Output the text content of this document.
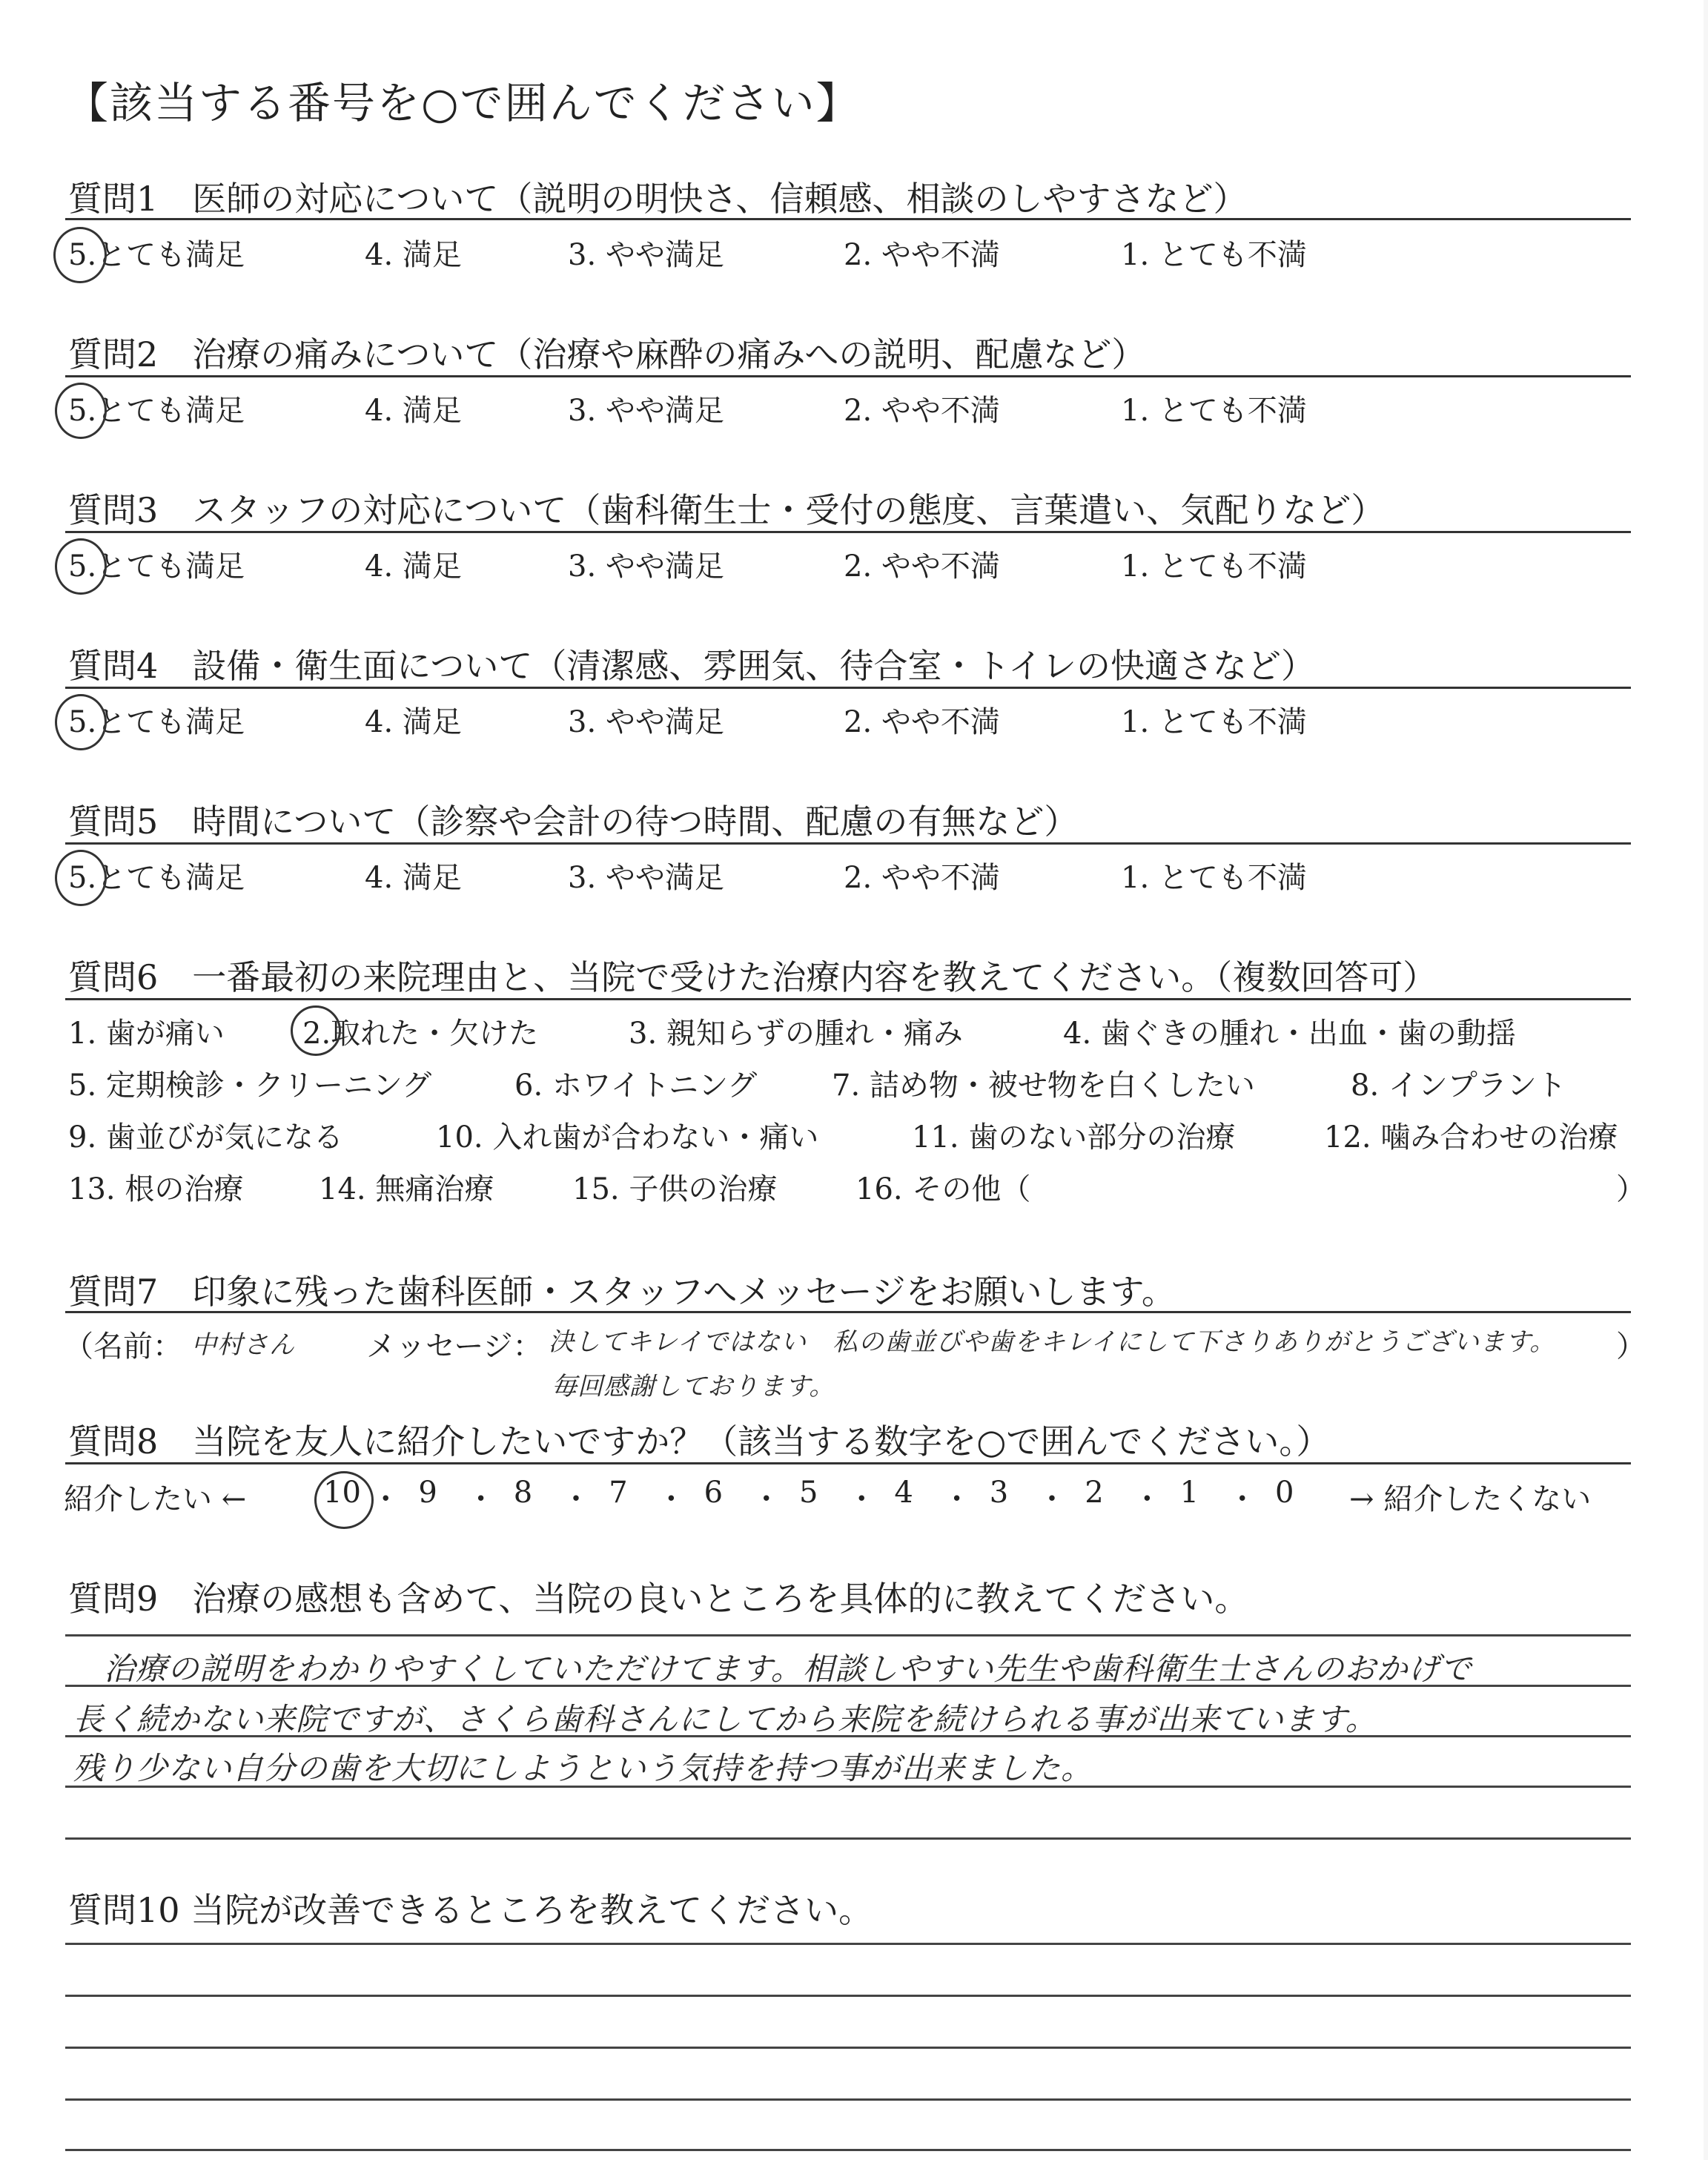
【該当する番号を○で囲んでください】
質問1　医師の対応について（説明の明快さ、信頼感、相談のしやすさなど）
5.とても満足	4. 満足	3. やや満足	2. やや不満	1. とても不満
質問2　治療の痛みについて（治療や麻酔の痛みへの説明、配慮など）
5.とても満足	4. 満足	3. やや満足	2. やや不満	1. とても不満
質問3　スタッフの対応について（歯科衛生士・受付の態度、言葉遣い、気配りなど）
5.とても満足	4. 満足	3. やや満足	2. やや不満	1. とても不満
質問4　設備・衛生面について（清潔感、雰囲気、待合室・トイレの快適さなど）
5.とても満足	4. 満足	3. やや満足	2. やや不満	1. とても不満
質問5　時間について（診察や会計の待つ時間、配慮の有無など）
5.とても満足	4. 満足	3. やや満足	2. やや不満	1. とても不満
質問6　一番最初の来院理由と、当院で受けた治療内容を教えてください。（複数回答可）
1. 歯が痛い	2.取れた・欠けた	3. 親知らずの腫れ・痛み	4. 歯ぐきの腫れ・出血・歯の動揺
5. 定期検診・クリーニング	6. ホワイトニング	7. 詰め物・被せ物を白くしたい	8. インプラント
9. 歯並びが気になる	10. 入れ歯が合わない・痛い	11. 歯のない部分の治療	12. 噛み合わせの治療
13. 根の治療	14. 無痛治療	15. 子供の治療	16. その他（	）
質問7　印象に残った歯科医師・スタッフへメッセージをお願いします。
（名前： 中村さん メッセージ： 決してキレイではない　私の歯並びや歯をキレイにして下さりありがとうございます。 ）
毎回感謝しております。
質問8　当院を友人に紹介したいですか？（該当する数字を○で囲んでください。）
紹介したい ←	10 ・ 9 ・ 8 ・ 7 ・ 6 ・ 5 ・ 4 ・ 3 ・ 2 ・ 1 ・ 0 → 紹介したくない
質問9　治療の感想も含めて、当院の良いところを具体的に教えてください。
治療の説明をわかりやすくしていただけてます。相談しやすい先生や歯科衛生士さんのおかげで
長く続かない来院ですが、さくら歯科さんにしてから来院を続けられる事が出来ています。
残り少ない自分の歯を大切にしようという気持を持つ事が出来ました。
質問10 当院が改善できるところを教えてください。
